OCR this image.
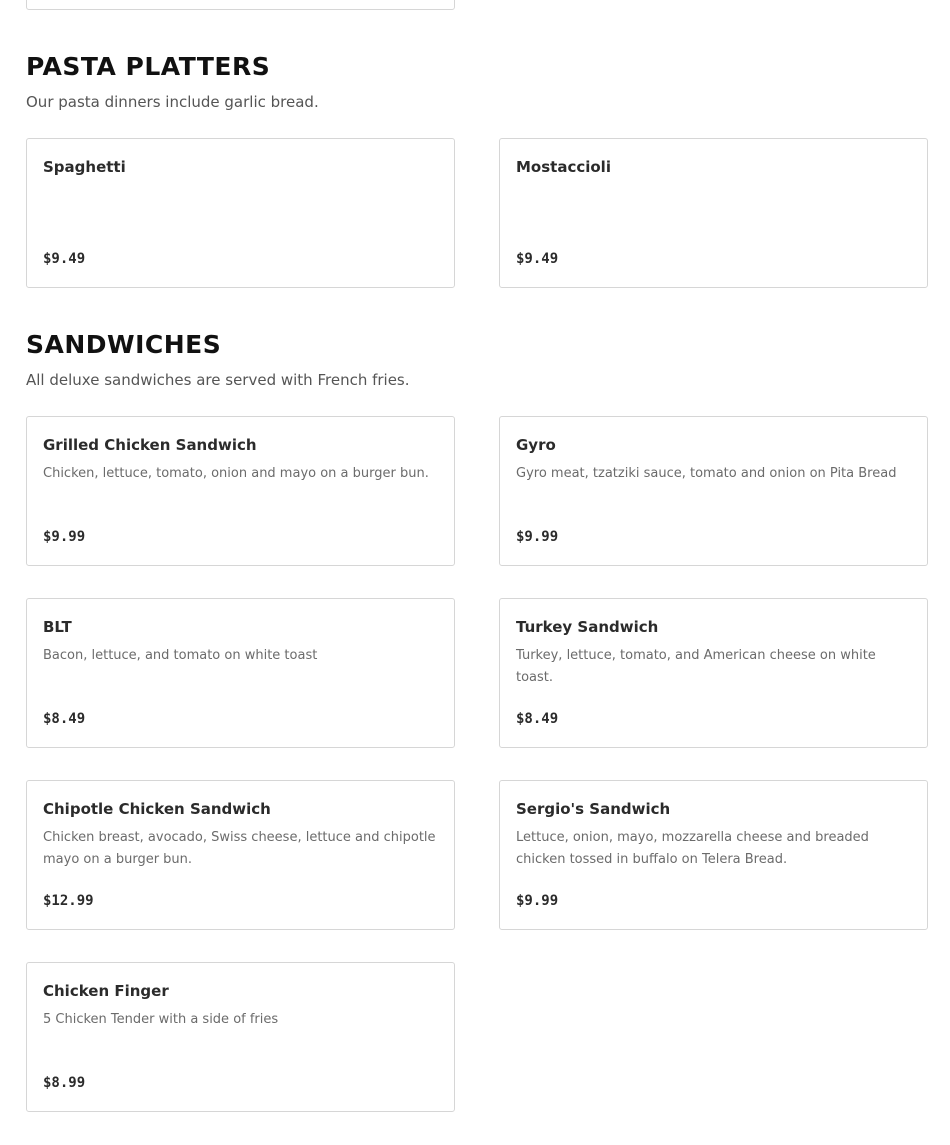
PASTA PLATTERS

Our pasta dinners include garlic bread.

Spaghetti
$9.49
Mostaccioli
$9.49
SANDWICHES

All deluxe sandwiches are served with French fries.

Grilled Chicken Sandwich
Chicken, lettuce, tomato, onion and mayo on a burger bun.
$9.99
Gyro
Gyro meat, tzatziki sauce, tomato and onion on Pita Bread
$9.99
BLT
Bacon, lettuce, and tomato on white toast
$8.49
Turkey Sandwich
Turkey, lettuce, tomato, and American cheese on white toast.
$8.49
Chipotle Chicken Sandwich
Chicken breast, avocado, Swiss cheese, lettuce and chipotle mayo on a burger bun.
$12.99
Sergio's Sandwich
Lettuce, onion, mayo, mozzarella cheese and breaded chicken tossed in buffalo on Telera Bread.
$9.99
Chicken Finger
5 Chicken Tender with a side of fries
$8.99
